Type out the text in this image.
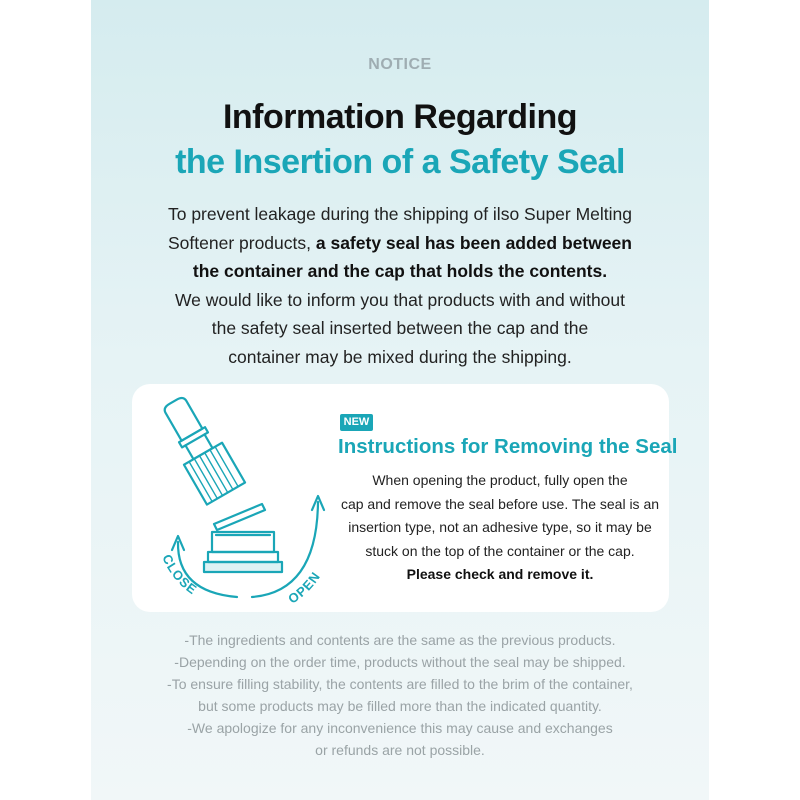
NOTICE
Information Regarding
the Insertion of a Safety Seal
To prevent leakage during the shipping of ilso Super Melting
Softener products, a safety seal has been added between
the container and the cap that holds the contents.
We would like to inform you that products with and without
the safety seal inserted between the cap and the
container may be mixed during the shipping.
CLOSE	OPEN
NEW
Instructions for Removing the Seal
When opening the product, fully open the
cap and remove the seal before use. The seal is an
insertion type, not an adhesive type, so it may be
stuck on the top of the container or the cap.
Please check and remove it.
-The ingredients and contents are the same as the previous products.
-Depending on the order time, products without the seal may be shipped.
-To ensure filling stability, the contents are filled to the brim of the container,
but some products may be filled more than the indicated quantity.
-We apologize for any inconvenience this may cause and exchanges
or refunds are not possible.
